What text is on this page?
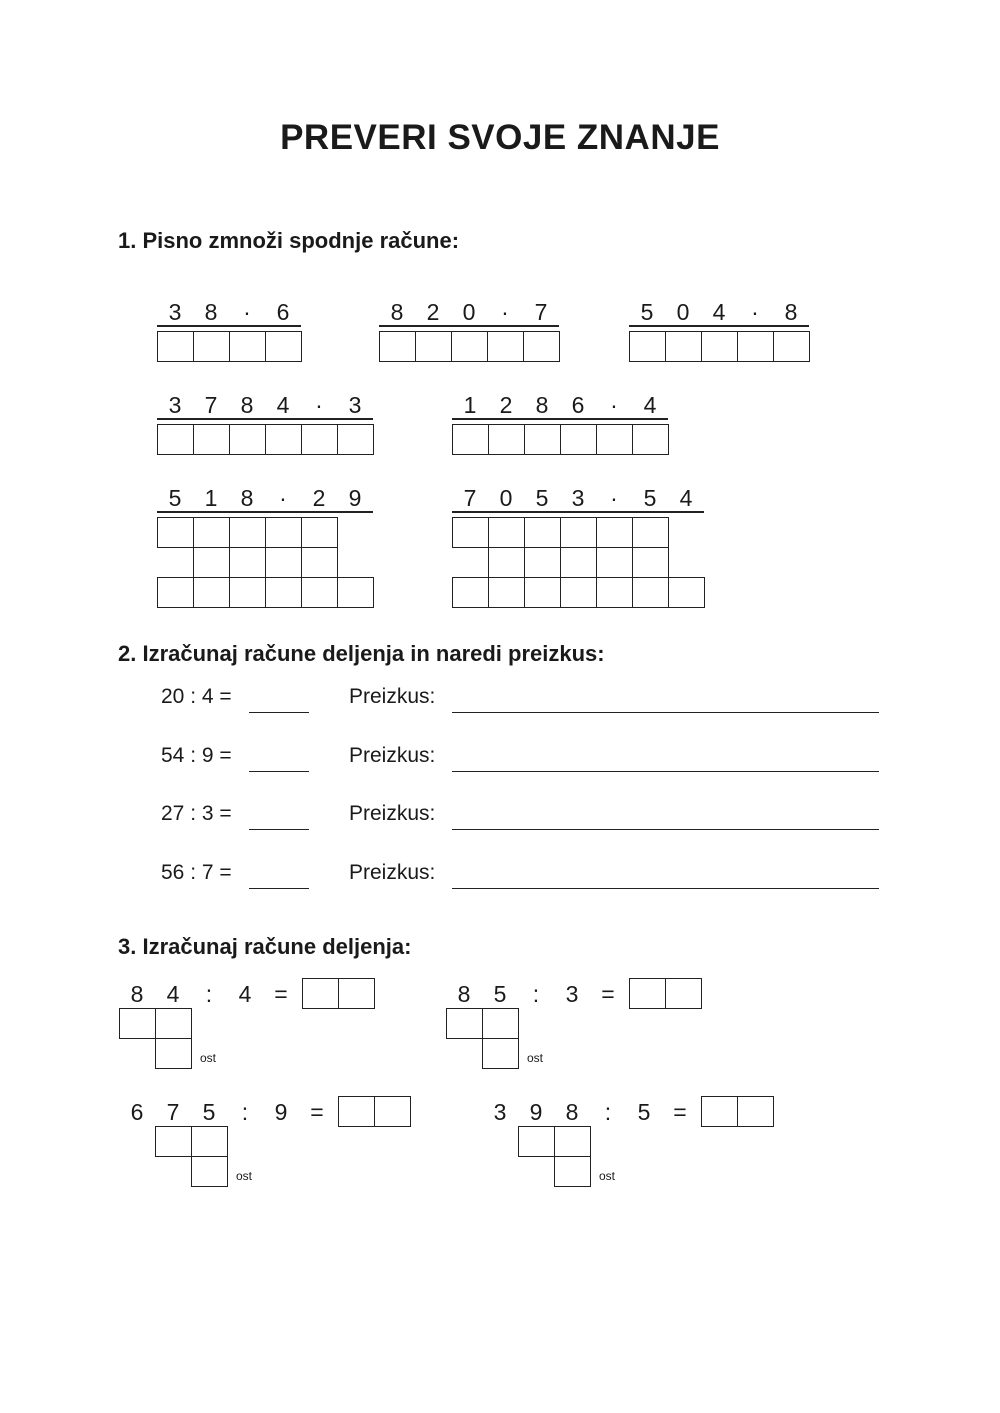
PREVERI SVOJE ZNANJE
1. Pisno zmnoži spodnje račune:
3	8	·	6	8	2	0	·	7	5	0	4	·	8
3	7	8	4	·	3	1	2	8	6	·	4
5	1	8	·	2	9	7	0	5	3	·	5	4
2. Izračunaj račune deljenja in naredi preizkus:
20 : 4 =	Preizkus:
54 : 9 =	Preizkus:
27 : 3 =	Preizkus:
56 : 7 =	Preizkus:
3. Izračunaj račune deljenja:
8	4	:	4 =
ost
8	5	:	3 =
ost
6	7	5	:	9 =
ost
3	9	8	:	5 =
ost
